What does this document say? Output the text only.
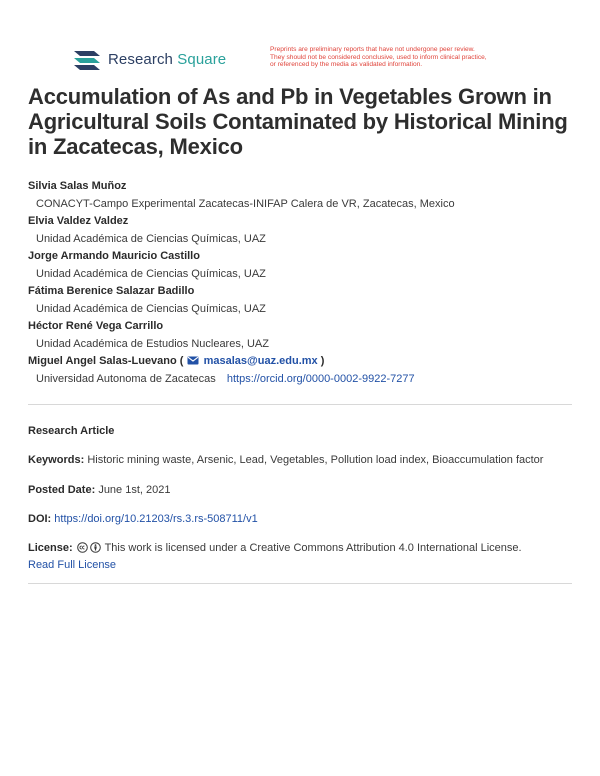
Research Square
Preprints are preliminary reports that have not undergone peer review.
They should not be considered conclusive, used to inform clinical practice,
or referenced by the media as validated information.
Accumulation of As and Pb in Vegetables Grown in Agricultural Soils Contaminated by Historical Mining in Zacatecas, Mexico
Silvia Salas Muñoz
CONACYT-Campo Experimental Zacatecas-INIFAP Calera de VR, Zacatecas, Mexico
Elvia Valdez Valdez
Unidad Académica de Ciencias Químicas, UAZ
Jorge Armando Mauricio Castillo
Unidad Académica de Ciencias Químicas, UAZ
Fátima Berenice Salazar Badillo
Unidad Académica de Ciencias Químicas, UAZ
Héctor René Vega Carrillo
Unidad Académica de Estudios Nucleares, UAZ
Miguel Angel Salas-Luevano ( masalas@uaz.edu.mx )
Universidad Autonoma de Zacatecas https://orcid.org/0000-0002-9922-7277
Research Article
Keywords: Historic mining waste, Arsenic, Lead, Vegetables, Pollution load index, Bioaccumulation factor
Posted Date: June 1st, 2021
DOI: https://doi.org/10.21203/rs.3.rs-508711/v1
License:	This work is licensed under a Creative Commons Attribution 4.0 International License.
Read Full License
